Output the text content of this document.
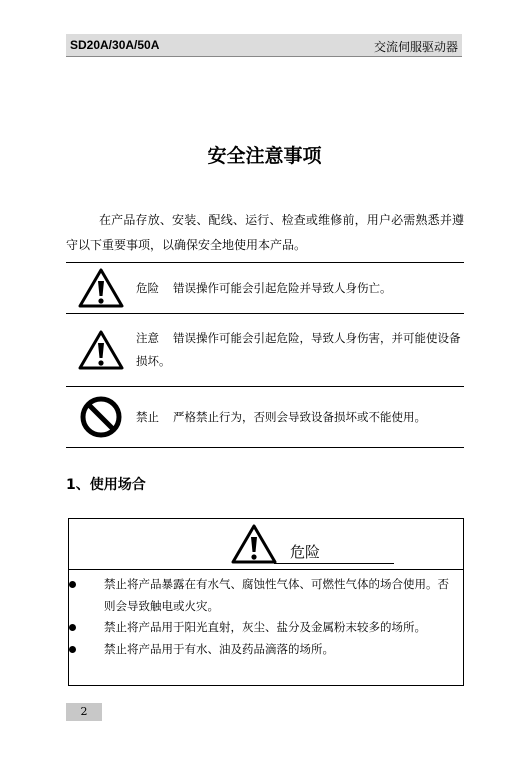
SD20A/30A/50A	交流伺服驱动器
安全注意事项
在产品存放、安装、配线、运行、检查或维修前，用户必需熟悉并遵守以下重要事项，以确保安全地使用本产品。
危险 错误操作可能会引起危险并导致人身伤亡。
注意 错误操作可能会引起危险，导致人身伤害，并可能使设备损坏。
禁止 严格禁止行为，否则会导致设备损坏或不能使用。
1、使用场合
危险
禁止将产品暴露在有水气、腐蚀性气体、可燃性气体的场合使用。否则会导致触电或火灾。
禁止将产品用于阳光直射，灰尘、盐分及金属粉末较多的场所。
禁止将产品用于有水、油及药品滴落的场所。
2
